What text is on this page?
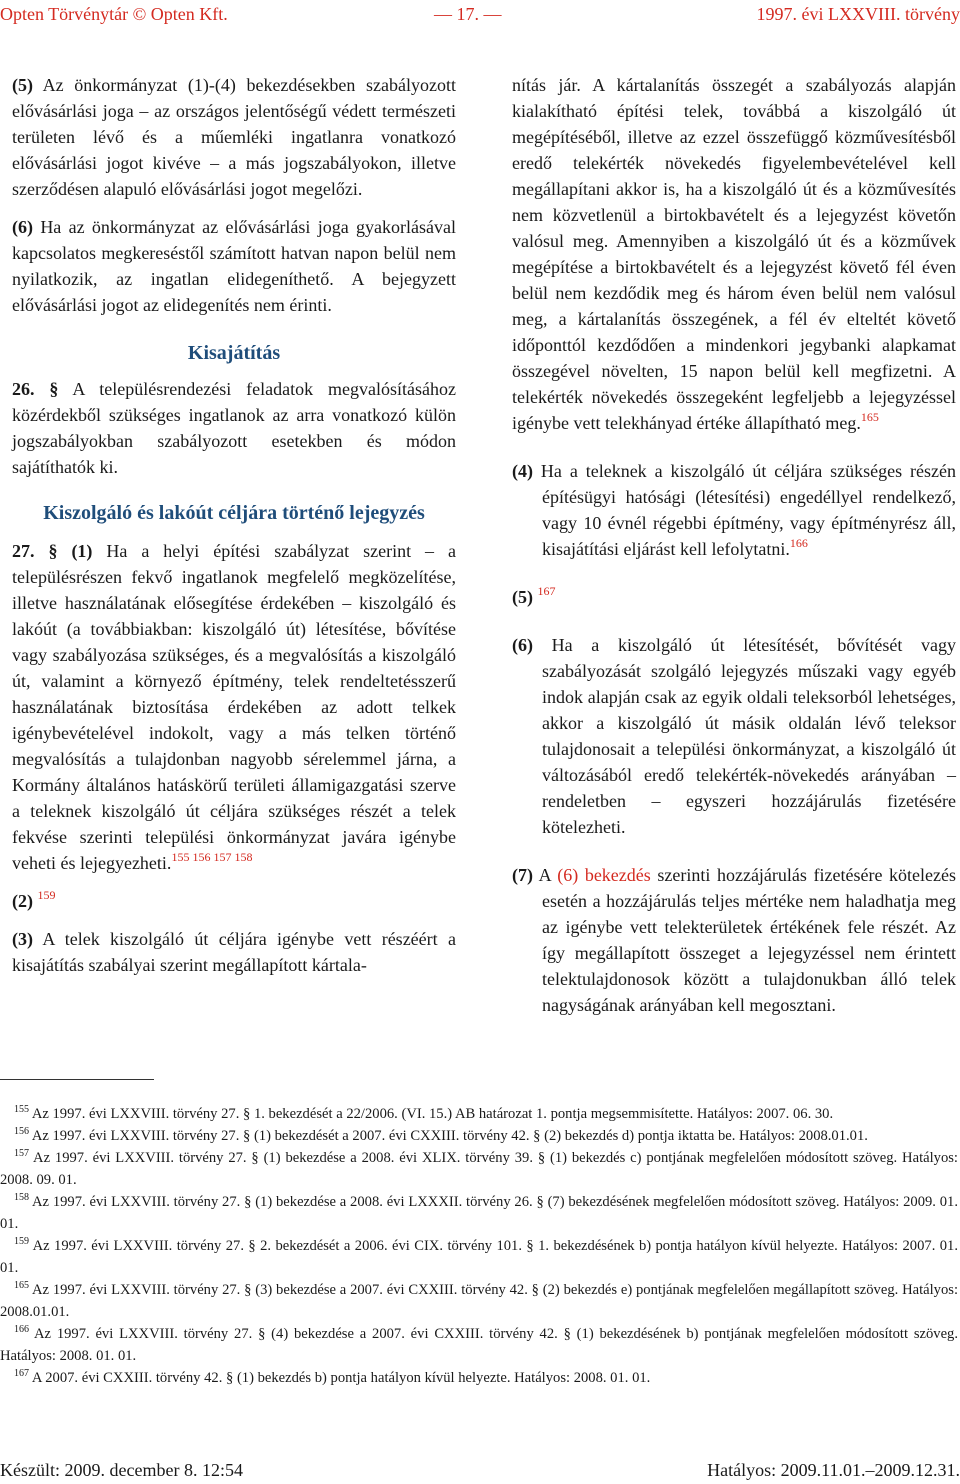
Opten Törvénytár © Opten Kft.	— 17. —	1997. évi LXXVIII. törvény

(5) Az önkormányzat (1)-(4) bekezdésekben szabályozott elővásárlási joga – az országos jelentőségű védett természeti területen lévő és a műemléki ingatlanra vonatkozó elővásárlási jogot kivéve – a más jogszabályokon, illetve szerződésen alapuló elővásárlási jogot megelőzi.

(6) Ha az önkormányzat az elővásárlási joga gyakorlásával kapcsolatos megkereséstől számított hatvan napon belül nem nyilatkozik, az ingatlan elidegeníthető. A bejegyzett elővásárlási jogot az elidegenítés nem érinti.

Kisajátítás

26. § A településrendezési feladatok megvalósításához közérdekből szükséges ingatlanok az arra vonatkozó külön jogszabályokban szabályozott esetekben és módon sajátíthatók ki.

Kiszolgáló és lakóút céljára történő lejegyzés

27. § (1) Ha a helyi építési szabályzat szerint – a településrészen fekvő ingatlanok megfelelő megközelítése, illetve használatának elősegítése érdekében – kiszolgáló és lakóút (a továbbiakban: kiszolgáló út) létesítése, bővítése vagy szabályozása szükséges, és a megvalósítás a kiszolgáló út, valamint a környező építmény, telek rendeltetésszerű használatának biztosítása érdekében az adott telkek igénybevételével indokolt, vagy a más telken történő megvalósítás a tulajdonban nagyobb sérelemmel járna, a Kormány általános hatáskörű területi államigazgatási szerve a teleknek kiszolgáló út céljára szükséges részét a telek fekvése szerinti települési önkormányzat javára igénybe veheti és lejegyezheti.$^{155 156 157 158}$

(2) $^{159}$

(3) A telek kiszolgáló út céljára igénybe vett részéért a kisajátítás szabályai szerint megállapított kártala-

nítás jár. A kártalanítás összegét a szabályozás alapján kialakítható építési telek, továbbá a kiszolgáló út megépítéséből, illetve az ezzel összefüggő közművesítésből eredő telekérték növekedés figyelembevételével kell megállapítani akkor is, ha a kiszolgáló út és a közművesítés nem közvetlenül a birtokbavételt és a lejegyzést követőn valósul meg. Amennyiben a kiszolgáló út és a közművek megépítése a birtokbavételt és a lejegyzést követő fél éven belül nem kezdődik meg és három éven belül nem valósul meg, a kártalanítás összegének, a fél év elteltét követő időponttól kezdődően a mindenkori jegybanki alapkamat összegével növelten, 15 napon belül kell megfizetni. A telekérték növekedés összegeként legfeljebb a lejegyzéssel igénybe vett telekhányad értéke állapítható meg.$^{165}$

(4) Ha a teleknek a kiszolgáló út céljára szükséges részén építésügyi hatósági (létesítési) engedéllyel rendelkező, vagy 10 évnél régebbi építmény, vagy építményrész áll, kisajátítási eljárást kell lefolytatni.$^{166}$

(5) $^{167}$

(6) Ha a kiszolgáló út létesítését, bővítését vagy szabályozását szolgáló lejegyzés műszaki vagy egyéb indok alapján csak az egyik oldali teleksorból lehetséges, akkor a kiszolgáló út másik oldalán lévő teleksor tulajdonosait a települési önkormányzat, a kiszolgáló út változásából eredő telekérték-növekedés arányában – rendeletben – egyszeri hozzájárulás fizetésére kötelezheti.

(7) A (6) bekezdés szerinti hozzájárulás fizetésére kötelezés esetén a hozzájárulás teljes mértéke nem haladhatja meg az igénybe vett telekterületek értékének fele részét. Az így megállapított összeget a lejegyzéssel nem érintett telektulajdonosok között a tulajdonukban álló telek nagyságának arányában kell megosztani.

$^{155}$ Az 1997. évi LXXVIII. törvény 27. § 1. bekezdését a 22/2006. (VI. 15.) AB határozat 1. pontja megsemmisítette. Hatályos: 2007. 06. 30.

$^{156}$ Az 1997. évi LXXVIII. törvény 27. § (1) bekezdését a 2007. évi CXXIII. törvény 42. § (2) bekezdés d) pontja iktatta be. Hatályos: 2008.01.01.

$^{157}$ Az 1997. évi LXXVIII. törvény 27. § (1) bekezdése a 2008. évi XLIX. törvény 39. § (1) bekezdés c) pontjának megfelelően módosított szöveg. Hatályos: 2008. 09. 01.

$^{158}$ Az 1997. évi LXXVIII. törvény 27. § (1) bekezdése a 2008. évi LXXXII. törvény 26. § (7) bekezdésének megfelelően módosított szöveg. Hatályos: 2009. 01. 01.

$^{159}$ Az 1997. évi LXXVIII. törvény 27. § 2. bekezdését a 2006. évi CIX. törvény 101. § 1. bekezdésének b) pontja hatályon kívül helyezte. Hatályos: 2007. 01. 01.

$^{165}$ Az 1997. évi LXXVIII. törvény 27. § (3) bekezdése a 2007. évi CXXIII. törvény 42. § (2) bekezdés e) pontjának megfelelően megállapított szöveg. Hatályos: 2008.01.01.

$^{166}$ Az 1997. évi LXXVIII. törvény 27. § (4) bekezdése a 2007. évi CXXIII. törvény 42. § (1) bekezdésének b) pontjának megfelelően módosított szöveg. Hatályos: 2008. 01. 01.

$^{167}$ A 2007. évi CXXIII. törvény 42. § (1) bekezdés b) pontja hatályon kívül helyezte. Hatályos: 2008. 01. 01.

Készült: 2009. december 8. 12:54	Hatályos: 2009.11.01.–2009.12.31.
